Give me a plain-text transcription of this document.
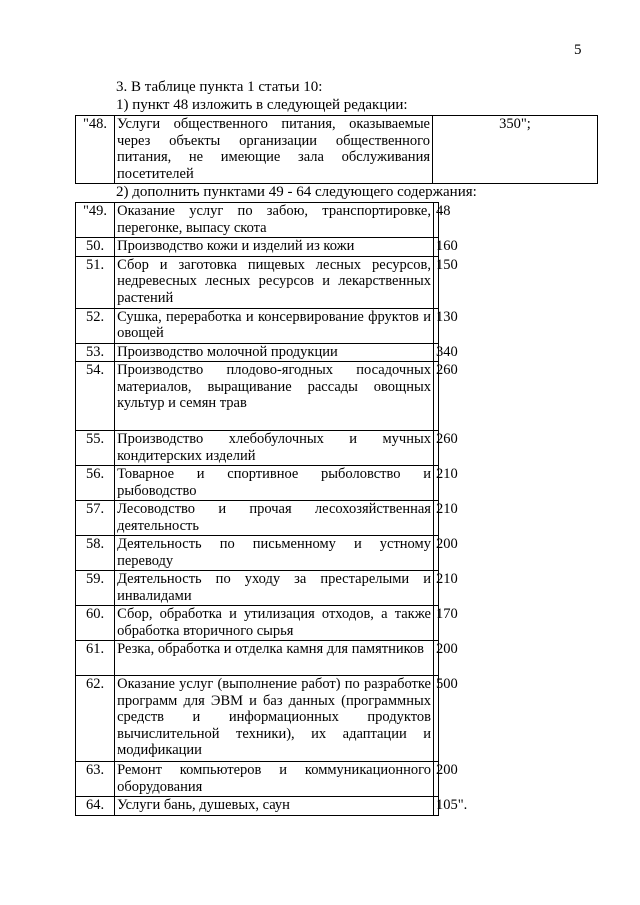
5
3. В таблице пункта 1 статьи 10:
1) пункт 48 изложить в следующей редакции:
"48.	Услуги общественного питания, оказываемые через объекты организации общественного питания, не имеющие зала обслуживания посетителей	350";
2) дополнить пунктами 49 - 64 следующего содержания:
"49.	Оказание услуг по забою, транспортировке, перегонке, выпасу скота	48
50.	Производство кожи и изделий из кожи	160
51.	Сбор и заготовка пищевых лесных ресурсов, недревесных лесных ресурсов и лекарственных растений	150
52.	Сушка, переработка и консервирование фруктов и овощей	130
53.	Производство молочной продукции	340
54.	Производство плодово-ягодных посадочных материалов, выращивание рассады овощных культур и семян трав	260
55.	Производство хлебобулочных и мучных кондитерских изделий	260
56.	Товарное и спортивное рыболовство и рыбоводство	210
57.	Лесоводство и прочая лесохозяйственная деятельность	210
58.	Деятельность по письменному и устному переводу	200
59.	Деятельность по уходу за престарелыми и инвалидами	210
60.	Сбор, обработка и утилизация отходов, а также обработка вторичного сырья	170
61.	Резка, обработка и отделка камня для памятников	200
62.	Оказание услуг (выполнение работ) по разработке программ для ЭВМ и баз данных (программных средств и информационных продуктов вычислительной техники), их адаптации и модификации	500
63.	Ремонт компьютеров и коммуникационного оборудования	200
64.	Услуги бань, душевых, саун	105".
